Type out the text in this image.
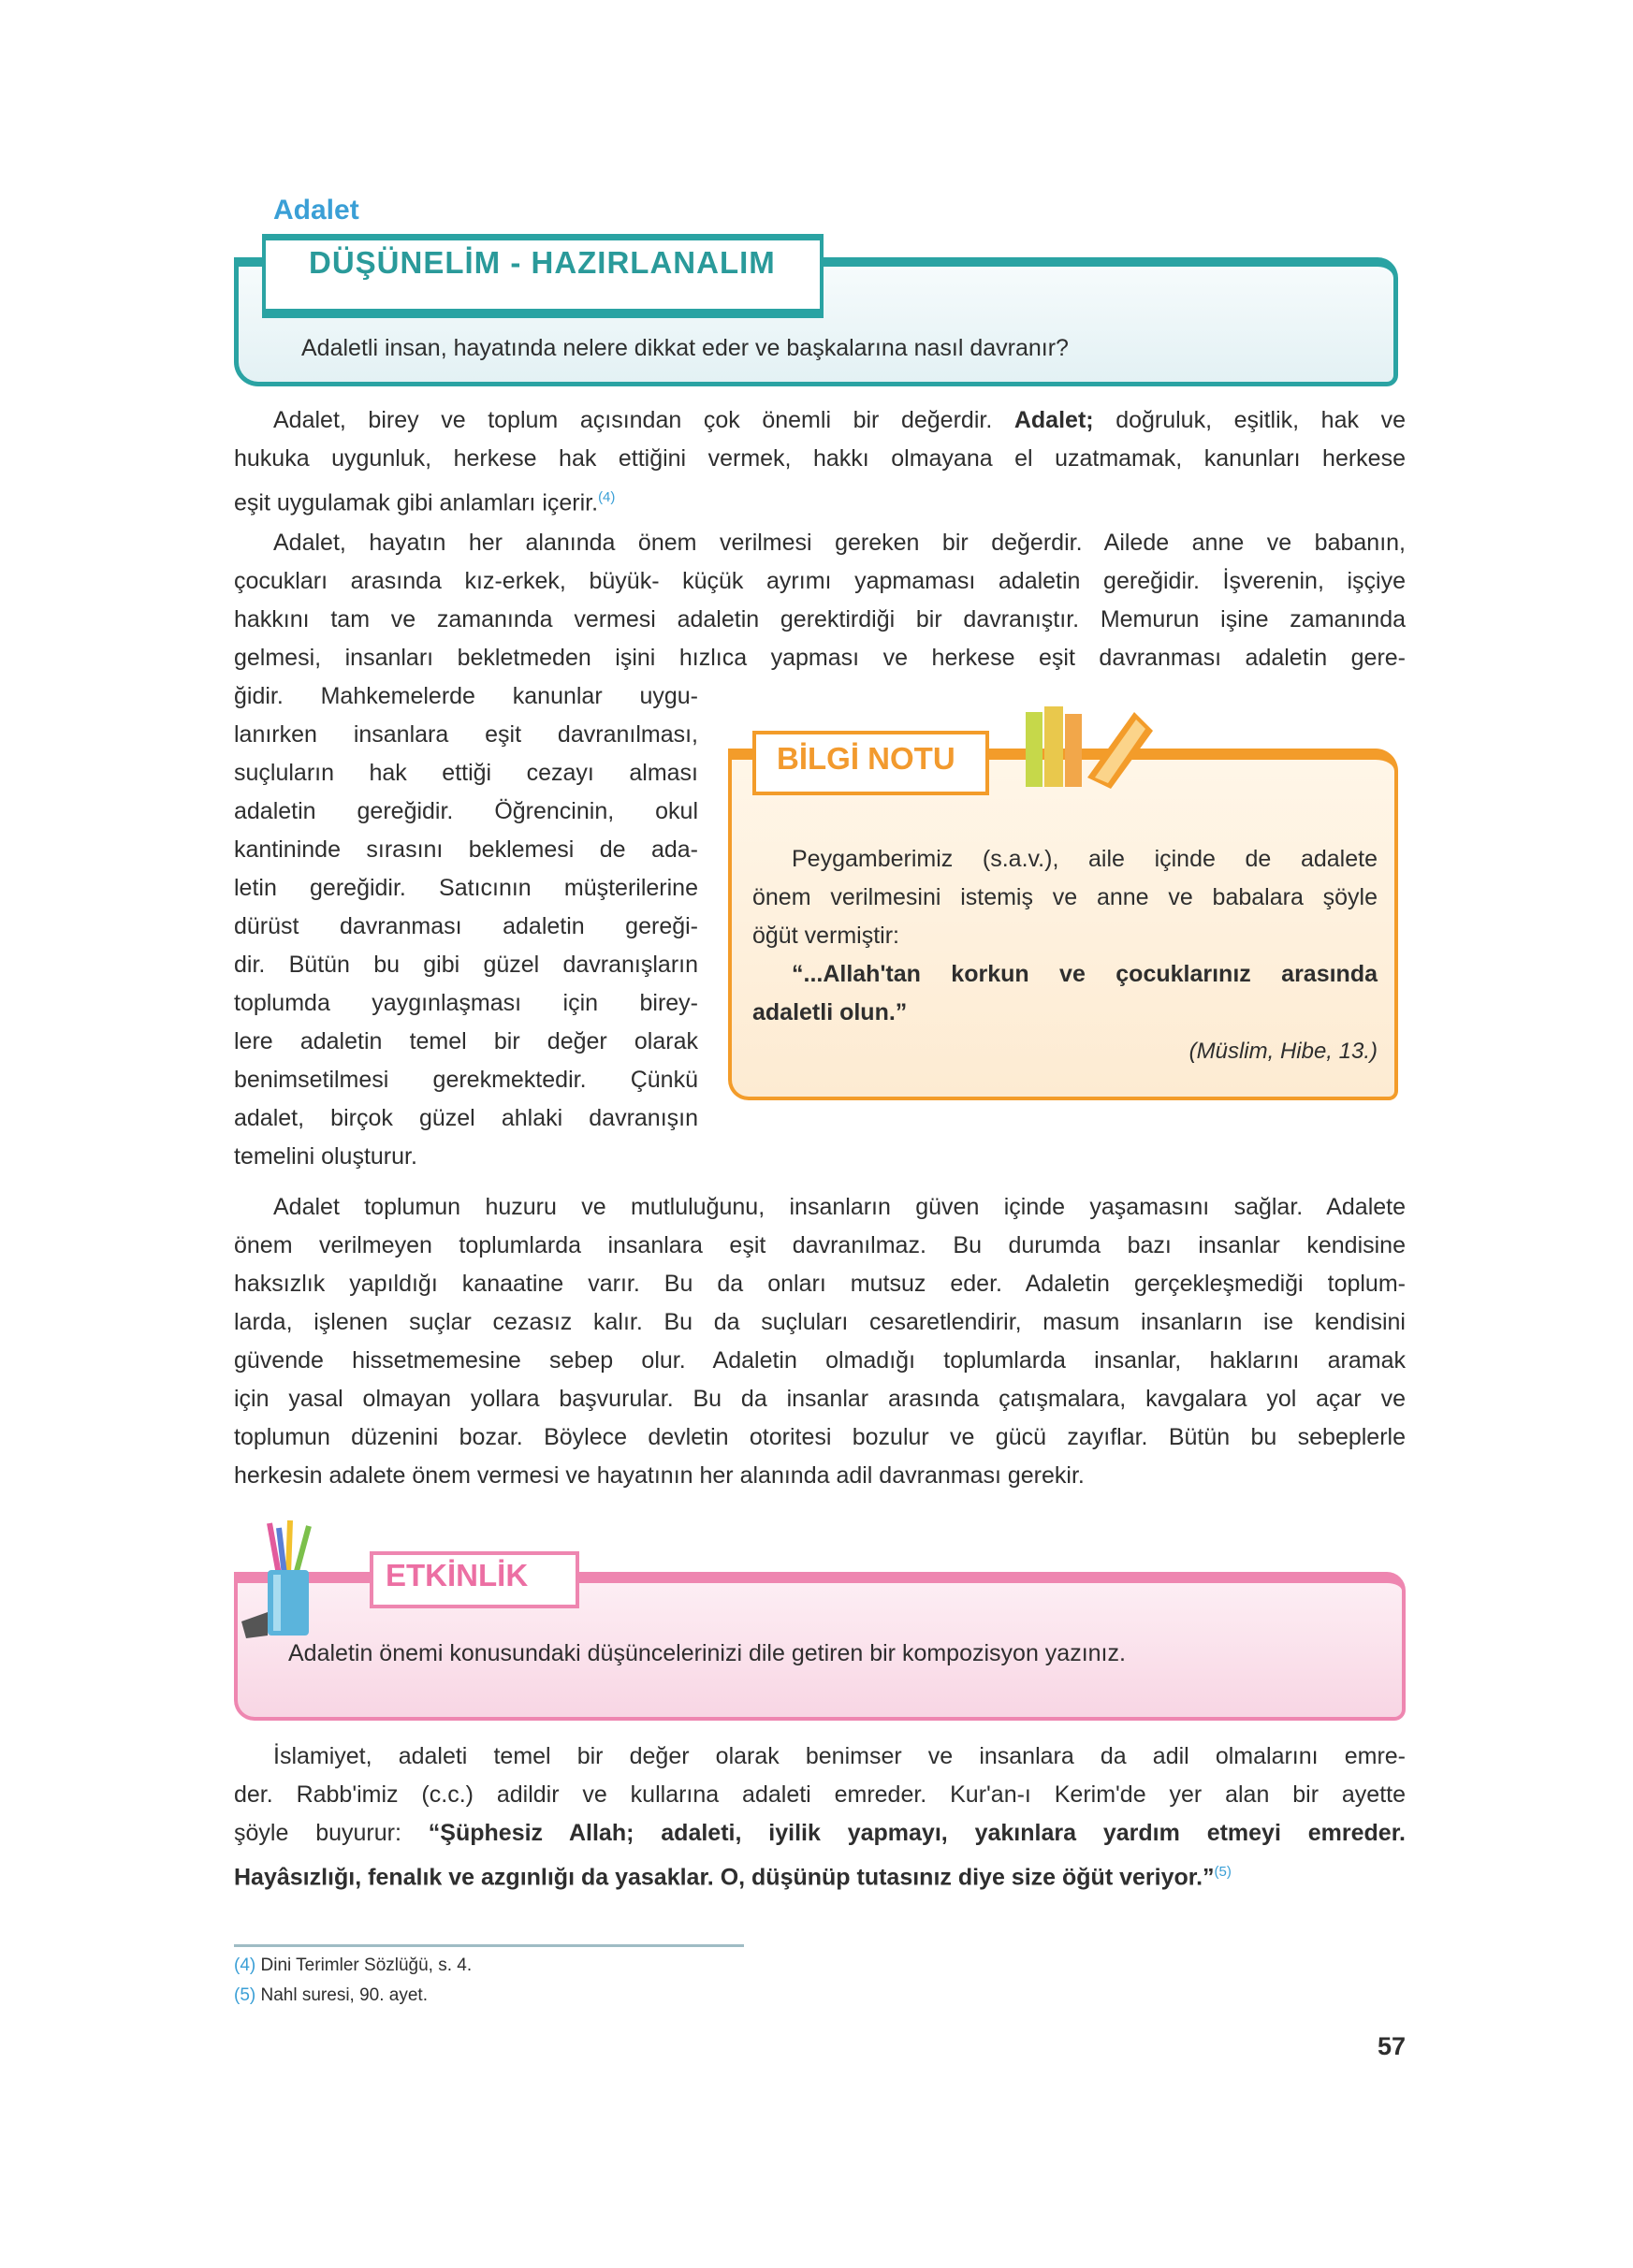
Adalet
DÜŞÜNELİM - HAZIRLANALIM
Adaletli insan, hayatında nelere dikkat eder ve başkalarına nasıl davranır?
Adalet, birey ve toplum açısından çok önemli bir değerdir. Adalet; doğruluk, eşitlik, hak ve
hukuka uygunluk, herkese hak ettiğini vermek, hakkı olmayana el uzatmamak, kanunları herkese
eşit uygulamak gibi anlamları içerir.$^{(4)}$
Adalet, hayatın her alanında önem verilmesi gereken bir değerdir. Ailede anne ve babanın,
çocukları arasında kız-erkek, büyük- küçük ayrımı yapmaması adaletin gereğidir. İşverenin, işçiye
hakkını tam ve zamanında vermesi adaletin gerektirdiği bir davranıştır. Memurun işine zamanında
gelmesi, insanları bekletmeden işini hızlıca yapması ve herkese eşit davranması adaletin gere-
ğidir. Mahkemelerde kanunlar uygu-
lanırken insanlara eşit davranılması,
suçluların hak ettiği cezayı alması
adaletin gereğidir. Öğrencinin, okul
kantininde sırasını beklemesi de ada-
letin gereğidir. Satıcının müşterilerine
dürüst davranması adaletin gereği-
dir. Bütün bu gibi güzel davranışların
toplumda yaygınlaşması için birey-
lere adaletin temel bir değer olarak
benimsetilmesi gerekmektedir. Çünkü
adalet, birçok güzel ahlaki davranışın
temelini oluşturur.
BİLGİ NOTU
Peygamberimiz (s.a.v.), aile içinde de adalete
önem verilmesini istemiş ve anne ve babalara şöyle
öğüt vermiştir:
“...Allah'tan korkun ve çocuklarınız arasında
adaletli olun.”
(Müslim, Hibe, 13.)
Adalet toplumun huzuru ve mutluluğunu, insanların güven içinde yaşamasını sağlar. Adalete
önem verilmeyen toplumlarda insanlara eşit davranılmaz. Bu durumda bazı insanlar kendisine
haksızlık yapıldığı kanaatine varır. Bu da onları mutsuz eder. Adaletin gerçekleşmediği toplum-
larda, işlenen suçlar cezasız kalır. Bu da suçluları cesaretlendirir, masum insanların ise kendisini
güvende hissetmemesine sebep olur. Adaletin olmadığı toplumlarda insanlar, haklarını aramak
için yasal olmayan yollara başvurular. Bu da insanlar arasında çatışmalara, kavgalara yol açar ve
toplumun düzenini bozar. Böylece devletin otoritesi bozulur ve gücü zayıflar. Bütün bu sebeplerle
herkesin adalete önem vermesi ve hayatının her alanında adil davranması gerekir.
ETKİNLİK
Adaletin önemi konusundaki düşüncelerinizi dile getiren bir kompozisyon yazınız.
İslamiyet, adaleti temel bir değer olarak benimser ve insanlara da adil olmalarını emre-
der. Rabb'imiz (c.c.) adildir ve kullarına adaleti emreder. Kur'an-ı Kerim'de yer alan bir ayette
şöyle buyurur: “Şüphesiz Allah; adaleti, iyilik yapmayı, yakınlara yardım etmeyi emreder.
Hayâsızlığı, fenalık ve azgınlığı da yasaklar. O, düşünüp tutasınız diye size öğüt veriyor.”$^{(5)}$
(4) Dini Terimler Sözlüğü, s. 4.
(5) Nahl suresi, 90. ayet.
57
